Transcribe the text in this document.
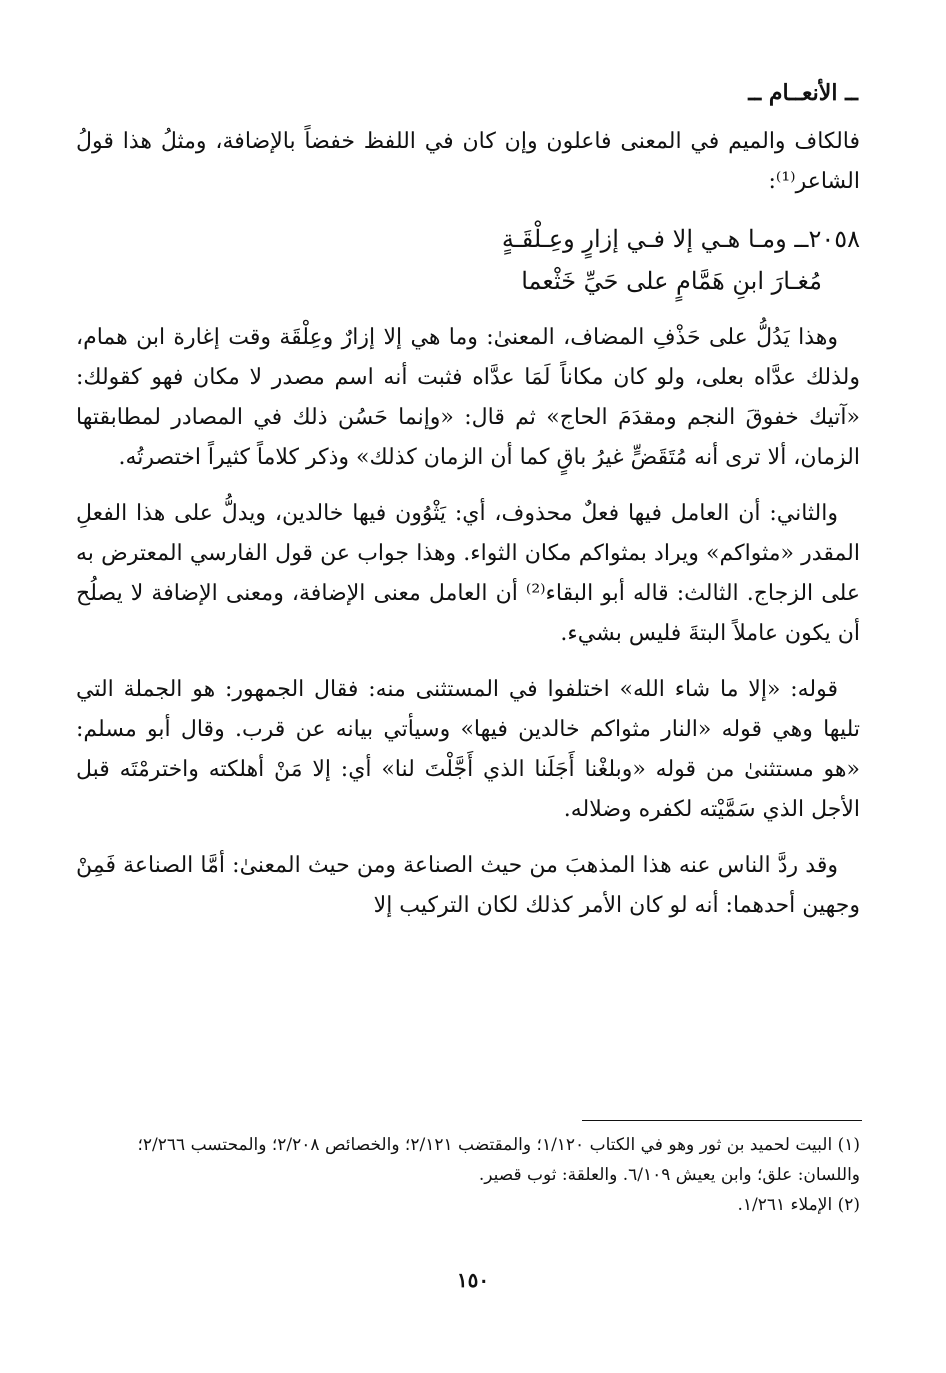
ــ الأنعــام ــ

فالكاف والميم في المعنى فاعلون وإن كان في اللفظ خفضاً بالإضافة، ومثلُ هذا قولُ الشاعر⁽¹⁾:

٢٠٥٨ــ ومـا هـي إلا فـي إزارٍ وعِـلْقَـةٍ
مُغـارَ ابنِ هَمَّامٍ على حَيِّ خَثْعما

وهذا يَدُلُّ على حَذْفِ المضاف، المعنىٰ: وما هي إلا إزارٌ وعِلْقَة وقت إغارة ابن همام، ولذلك عدَّاه بعلى، ولو كان مكاناً لَمَا عدَّاه فثبت أنه اسم مصدر لا مكان فهو كقولك: «آتيك خفوقَ النجم ومقدَمَ الحاج» ثم قال: «وإنما حَسُن ذلك في المصادر لمطابقتها الزمان، ألا ترى أنه مُتَقَضٍّ غيرُ باقٍ كما أن الزمان كذلك» وذكر كلاماً كثيراً اختصرتُه.

والثاني: أن العامل فيها فعلٌ محذوف، أي: يَثْوُون فيها خالدين، ويدلُّ على هذا الفعلِ المقدر «مثواكم» ويراد بمثواكم مكان الثواء. وهذا جواب عن قول الفارسي المعترض به على الزجاج. الثالث: قاله أبو البقاء⁽²⁾ أن العامل معنى الإضافة، ومعنى الإضافة لا يصلُح أن يكون عاملاً البتةَ فليس بشيء.

قوله: «إلا ما شاء الله» اختلفوا في المستثنى منه: فقال الجمهور: هو الجملة التي تليها وهي قوله «النار مثواكم خالدين فيها» وسيأتي بيانه عن قرب. وقال أبو مسلم: «هو مستثنىٰ من قوله «وبلغْنا أَجَلَنا الذي أَجَّلْتَ لنا» أي: إلا مَنْ أهلكته واخترمْتَه قبل الأجل الذي سَمَّيْته لكفره وضلاله.

وقد ردَّ الناس عنه هذا المذهبَ من حيث الصناعة ومن حيث المعنىٰ: أمَّا الصناعة فَمِنْ وجهين أحدهما: أنه لو كان الأمر كذلك لكان التركيب إلا

(١) البيت لحميد بن ثور وهو في الكتاب ١/١٢٠؛ والمقتضب ٢/١٢١؛ والخصائص ٢/٢٠٨؛ والمحتسب ٢/٢٦٦؛ واللسان: علق؛ وابن يعيش ٦/١٠٩. والعلقة: ثوب قصير.

(٢) الإملاء ١/٢٦١.

١٥٠
